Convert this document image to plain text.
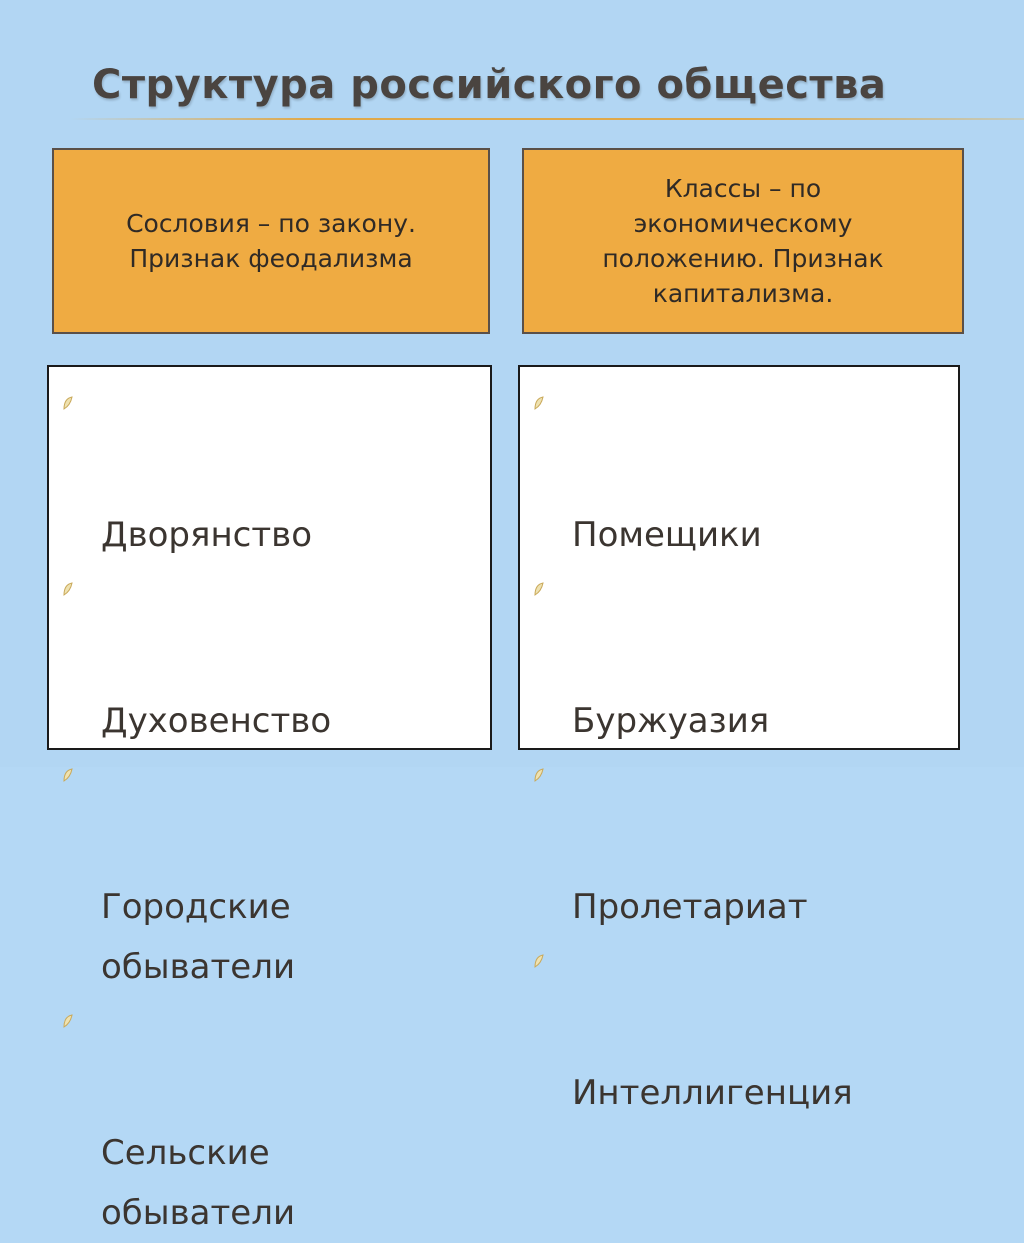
Структура российского общества
Сословия – по закону.
Признак феодализма
Классы – по
экономическому
положению. Признак
капитализма.

Дворянство

Духовенство

Городские
обыватели

Сельские
обыватели

Помещики

Буржуазия

Пролетариат

Интеллигенция
